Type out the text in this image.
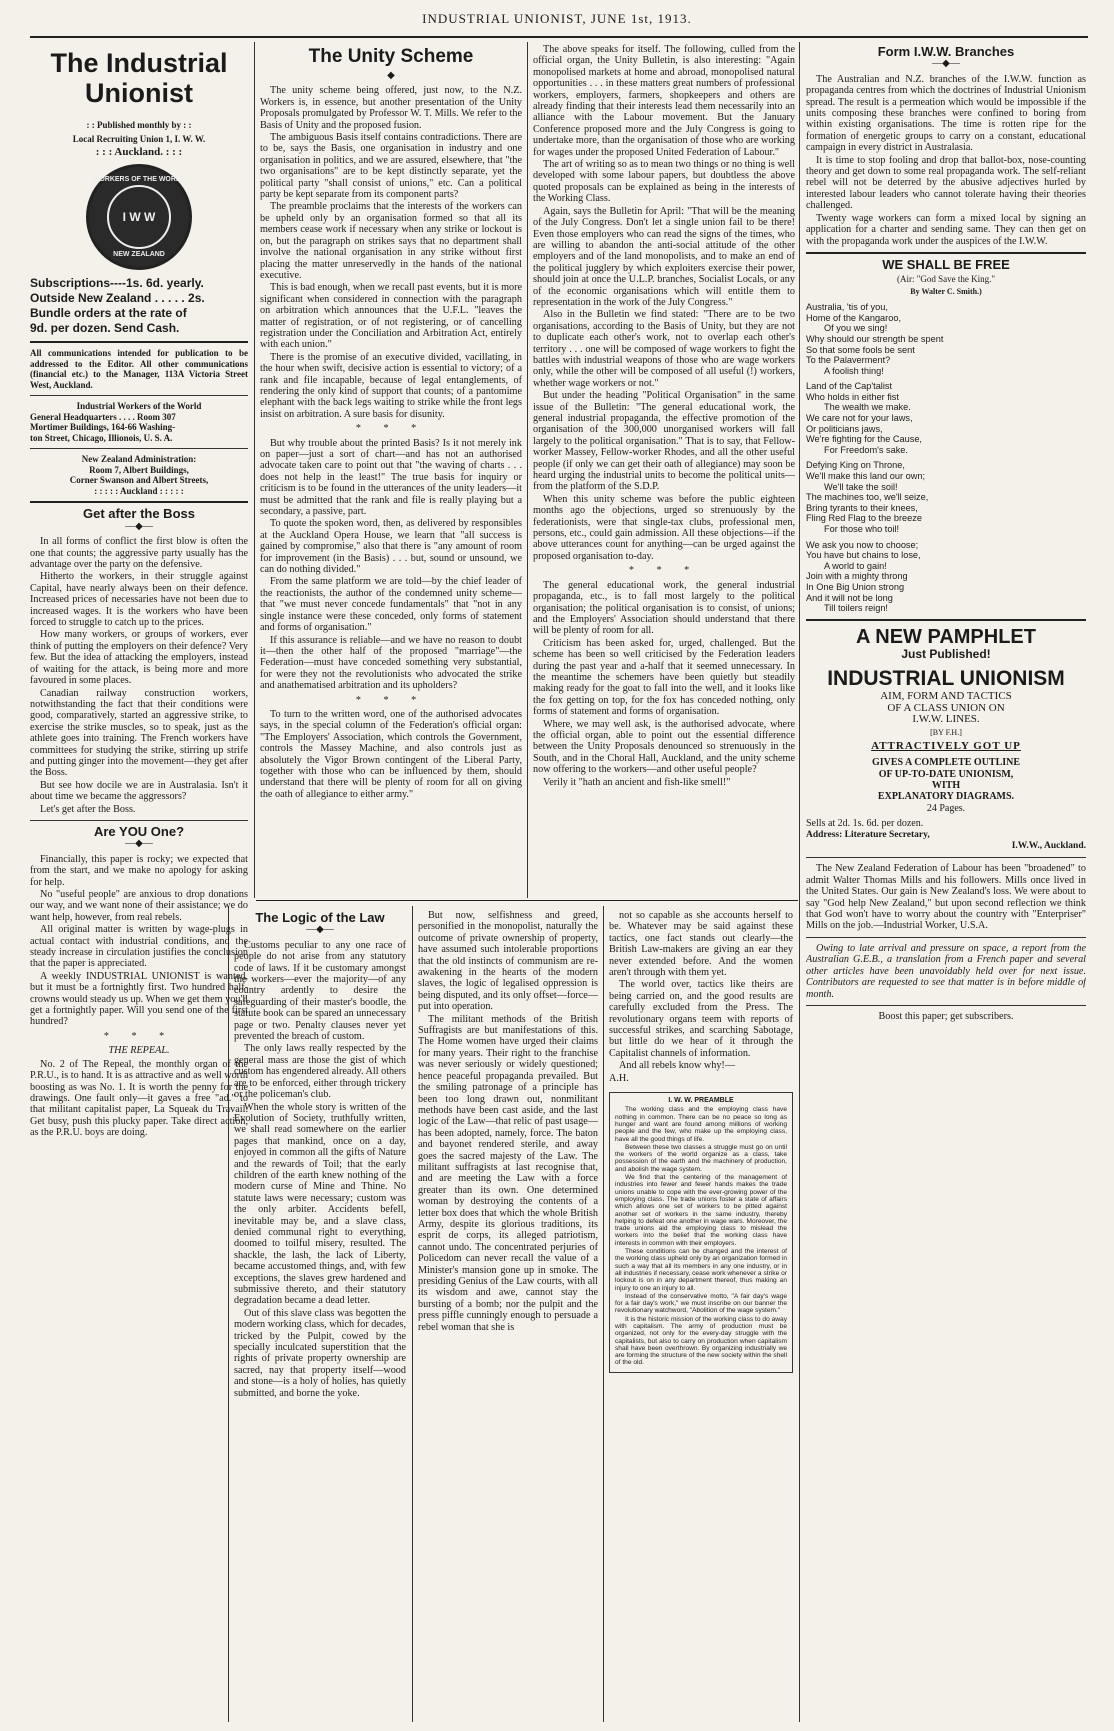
$_{INDUSTRIAL UNIONIST, JUNE 1st, 1913.}$
The Industrial Unionist
: : Published monthly by : :
Local Recruiting Union 1, I. W. W.
: : : Auckland. : : :
WORKERS OF THE WORLD
I W W
NEW ZEALAND
Subscriptions----1s. 6d. yearly.
Outside New Zealand . . . . . 2s.
Bundle orders at the rate of
9d. per dozen. Send Cash.
All communications intended for publication to be addressed to the Editor. All other communications (financial etc.) to the Manager, 113A Victoria Street West, Auckland.
Industrial Workers of the World
General Headquarters . . . . Room 307
Mortimer Buildings, 164-66 Washing-
ton Street, Chicago, Illionois, U. S. A.
New Zealand Administration:
Room 7, Albert Buildings,
Corner Swanson and Albert Streets,
: : : : : Auckland : : : : :
Get after the Boss
—◆—

In all forms of conflict the first blow is often the one that counts; the aggressive party usually has the advantage over the party on the defensive.

Hitherto the workers, in their struggle against Capital, have nearly always been on their defence. Increased prices of necessaries have not been due to increased wages. It is the workers who have been forced to struggle to catch up to the prices.

How many workers, or groups of workers, ever think of putting the employers on their defence? Very few. But the idea of attacking the employers, instead of waiting for the attack, is being more and more favoured in some places.

Canadian railway construction workers, notwithstanding the fact that their conditions were good, comparatively, started an aggressive strike, to exercise the strike muscles, so to speak, just as the athlete goes into training. The French workers have committees for studying the strike, stirring up strife and putting ginger into the movement—they get after the Boss.

But see how docile we are in Australasia. Isn't it about time we became the aggressors?

Let's get after the Boss.

Are YOU One?
—◆—

Financially, this paper is rocky; we expected that from the start, and we make no apology for asking for help.

No "useful people" are anxious to drop donations our way, and we want none of their assistance; we do want help, however, from real rebels.

All original matter is written by wage-plugs in actual contact with industrial conditions, and the steady increase in circulation justifies the conclusion that the paper is appreciated.

A weekly INDUSTRIAL UNIONIST is wanted, but it must be a fortnightly first. Two hundred half-crowns would steady us up. When we get them you'll get a fortnightly paper. Will you send one of the first hundred?

* * *
THE REPEAL.

No. 2 of The Repeal, the monthly organ of the P.R.U., is to hand. It is as attractive and as well worth boosting as was No. 1. It is worth the penny for the drawings. One fault only—it gaves a free "ad." to that militant capitalist paper, La Squeak du Travail. Get busy, push this plucky paper. Take direct action, as the P.R.U. boys are doing.

The Unity Scheme
◆

The unity scheme being offered, just now, to the N.Z. Workers is, in essence, but another presentation of the Unity Proposals promulgated by Professor W. T. Mills. We refer to the Basis of Unity and the proposed fusion.

The ambiguous Basis itself contains contradictions. There are to be, says the Basis, one organisation in industry and one organisation in politics, and we are assured, elsewhere, that "the two organisations" are to be kept distinctly separate, yet the political party "shall consist of unions," etc. Can a political party be kept separate from its component parts?

The preamble proclaims that the interests of the workers can be upheld only by an organisation formed so that all its members cease work if necessary when any strike or lockout is on, but the paragraph on strikes says that no department shall involve the national organisation in any strike without first placing the matter unreservedly in the hands of the national executive.

This is bad enough, when we recall past events, but it is more significant when considered in connection with the paragraph on arbitration which announces that the U.F.L. "leaves the matter of registration, or of not registering, or of cancelling registration under the Conciliation and Arbitration Act, entirely with each union."

There is the promise of an executive divided, vacillating, in the hour when swift, decisive action is essential to victory; of a rank and file incapable, because of legal entanglements, of rendering the only kind of support that counts; of a pantomime elephant with the back legs waiting to strike while the front legs insist on arbitration. A sure basis for disunity.

* * *

But why trouble about the printed Basis? Is it not merely ink on paper—just a sort of chart—and has not an authorised advocate taken care to point out that "the waving of charts . . . does not help in the least!" The true basis for inquiry or criticism is to be found in the utterances of the unity leaders—it must be admitted that the rank and file is really playing but a secondary, a passive, part.

To quote the spoken word, then, as delivered by responsibles at the Auckland Opera House, we learn that "all success is gained by compromise," also that there is "any amount of room for improvement (in the Basis) . . . but, sound or unsound, we can do nothing divided."

From the same platform we are told—by the chief leader of the reactionists, the author of the condemned unity scheme—that "we must never concede fundamentals" that "not in any single instance were these conceded, only forms of statement and forms of organisation."

If this assurance is reliable—and we have no reason to doubt it—then the other half of the proposed "marriage"—the Federation—must have conceded something very substantial, for were they not the revolutionists who advocated the strike and anathematised arbitration and its upholders?

* * *

To turn to the written word, one of the authorised advocates says, in the special column of the Federation's official organ: "The Employers' Association, which controls the Government, controls the Massey Machine, and also controls just as absolutely the Vigor Brown contingent of the Liberal Party, together with those who can be influenced by them, should understand that there will be plenty of room for all on giving the oath of allegiance to either army."

The above speaks for itself. The following, culled from the official organ, the Unity Bulletin, is also interesting: "Again monopolised markets at home and abroad, monopolised natural opportunities . . . in these matters great numbers of professional workers, employers, farmers, shopkeepers and others are already finding that their interests lead them necessarily into an alliance with the Labour movement. But the January Conference proposed more and the July Congress is going to undertake more, than the organisation of those who are working for wages under the proposed United Federation of Labour."

The art of writing so as to mean two things or no thing is well developed with some labour papers, but doubtless the above quoted proposals can be explained as being in the interests of the Working Class.

Again, says the Bulletin for April: "That will be the meaning of the July Congress. Don't let a single union fail to be there! Even those employers who can read the signs of the times, who are willing to abandon the anti-social attitude of the other employers and of the land monopolists, and to make an end of the political jugglery by which exploiters exercise their power, should join at once the U.L.P. branches, Socialist Locals, or any of the economic organisations which will entitle them to representation in the work of the July Congress."

Also in the Bulletin we find stated: "There are to be two organisations, according to the Basis of Unity, but they are not to duplicate each other's work, not to overlap each other's territory . . . one will be composed of wage workers to fight the battles with industrial weapons of those who are wage workers only, while the other will be composed of all useful (!) workers, whether wage workers or not."

But under the heading "Political Organisation" in the same issue of the Bulletin: "The general educational work, the general industrial propaganda, the effective promotion of the organisation of the 300,000 unorganised workers will fall largely to the political organisation." That is to say, that Fellow-worker Massey, Fellow-worker Rhodes, and all the other useful people (if only we can get their oath of allegiance) may soon be heard urging the industrial units to become the political units—from the platform of the S.D.P.

When this unity scheme was before the public eighteen months ago the objections, urged so strenuously by the federationists, were that single-tax clubs, professional men, persons, etc., could gain admission. All these objections—if the above utterances count for anything—can be urged against the proposed organisation to-day.

* * *

The general educational work, the general industrial propaganda, etc., is to fall most largely to the political organisation; the political organisation is to consist, of unions; and the Employers' Association should understand that there will be plenty of room for all.

Criticism has been asked for, urged, challenged. But the scheme has been so well criticised by the Federation leaders during the past year and a-half that it seemed unnecessary. In the meantime the schemers have been quietly but steadily making ready for the goat to fall into the well, and it looks like the fox getting on top, for the fox has conceded nothing, only forms of statement and forms of organisation.

Where, we may well ask, is the authorised advocate, where the official organ, able to point out the essential difference between the Unity Proposals denounced so strenuously in the South, and in the Choral Hall, Auckland, and the unity scheme now offering to the workers—and other useful people?

Verily it "hath an ancient and fish-like smell!"

Form I.W.W. Branches
—◆—

The Australian and N.Z. branches of the I.W.W. function as propaganda centres from which the doctrines of Industrial Unionism spread. The result is a permeation which would be impossible if the units composing these branches were confined to boring from within existing organisations. The time is rotten ripe for the formation of energetic groups to carry on a constant, educational campaign in every district in Australasia.

It is time to stop fooling and drop that ballot-box, nose-counting theory and get down to some real propaganda work. The self-reliant rebel will not be deterred by the abusive adjectives hurled by interested labour leaders who cannot tolerate having their theories challenged.

Twenty wage workers can form a mixed local by signing an application for a charter and sending same. They can then get on with the propaganda work under the auspices of the I.W.W.

WE SHALL BE FREE
(Air: "God Save the King."
By Walter C. Smith.)
Australia, 'tis of you,
Home of the Kangaroo,
Of you we sing!
Why should our strength be spent
So that some fools be sent
To the Palaverment?
A foolish thing!
Land of the Cap'talist
Who holds in either fist
The wealth we make.
We care not for your laws,
Or politicians jaws,
We're fighting for the Cause,
For Freedom's sake.
Defying King on Throne,
We'll make this land our own;
We'll take the soil!
The machines too, we'll seize,
Bring tyrants to their knees,
Fling Red Flag to the breeze
For those who toil!
We ask you now to choose;
You have but chains to lose,
A world to gain!
Join with a mighty throng
In One Big Union strong
And it will not be long
Till toilers reign!
A NEW PAMPHLET
Just Published!
INDUSTRIAL UNIONISM
AIM, FORM AND TACTICS
OF A CLASS UNION ON
I.W.W. LINES.
[BY F.H.]
ATTRACTIVELY GOT UP
GIVES A COMPLETE OUTLINE
OF UP-TO-DATE UNIONISM,
WITH
EXPLANATORY DIAGRAMS.
24 Pages.
Sells at 2d. 1s. 6d. per dozen.
Address: Literature Secretary,
I.W.W., Auckland.

The New Zealand Federation of Labour has been "broadened" to admit Walter Thomas Mills and his followers. Mills once lived in the United States. Our gain is New Zealand's loss. We were about to say "God help New Zealand," but upon second reflection we think that God won't have to worry about the country with "Enterpriser" Mills on the job.—Industrial Worker, U.S.A.

Owing to late arrival and pressure on space, a report from the Australian G.E.B., a translation from a French paper and several other articles have been unavoidably held over for next issue. Contributors are requested to see that matter is in before middle of month.

Boost this paper; get subscribers.
The Logic of the Law
—◆—

Customs peculiar to any one race of people do not arise from any statutory code of laws. If it be customary amongst the workers—ever the majority—of any country ardently to desire the safeguarding of their master's boodle, the statute book can be spared an unnecessary page or two. Penalty clauses never yet prevented the breach of custom.

The only laws really respected by the general mass are those the gist of which custom has engendered already. All others are to be enforced, either through trickery or the policeman's club.

When the whole story is written of the Evolution of Society, truthfully written, we shall read somewhere on the earlier pages that mankind, once on a day, enjoyed in common all the gifts of Nature and the rewards of Toil; that the early children of the earth knew nothing of the modern curse of Mine and Thine. No statute laws were necessary; custom was the only arbiter. Accidents befell, inevitable may be, and a slave class, denied communal right to everything, doomed to toilful misery, resulted. The shackle, the lash, the lack of Liberty, became accustomed things, and, with few exceptions, the slaves grew hardened and submissive thereto, and their statutory degradation became a dead letter.

Out of this slave class was begotten the modern working class, which for decades, tricked by the Pulpit, cowed by the specially inculcated superstition that the rights of private property ownership are sacred, nay that property itself—wood and stone—is a holy of holies, has quietly submitted, and borne the yoke.

But now, selfishness and greed, personified in the monopolist, naturally the outcome of private ownership of property, have assumed such intolerable proportions that the old instincts of communism are re-awakening in the hearts of the modern slaves, the logic of legalised oppression is being disputed, and its only offset—force—put into operation.

The militant methods of the British Suffragists are but manifestations of this. The Home women have urged their claims for many years. Their right to the franchise was never seriously or widely questioned; hence peaceful propaganda prevailed. But the smiling patronage of a principle has been too long drawn out, nonmilitant methods have been cast aside, and the last logic of the Law—that relic of past usage—has been adopted, namely, force. The baton and bayonet rendered sterile, and away goes the sacred majesty of the Law. The militant suffragists at last recognise that, and are meeting the Law with a force greater than its own. One determined woman by destroying the contents of a letter box does that which the whole British Army, despite its glorious traditions, its esprit de corps, its alleged patriotism, cannot undo. The concentrated perjuries of Policedom can never recall the value of a Minister's mansion gone up in smoke. The presiding Genius of the Law courts, with all its wisdom and awe, cannot stay the bursting of a bomb; nor the pulpit and the press piffle cunningly enough to persuade a rebel woman that she is

not so capable as she accounts herself to be. Whatever may be said against these tactics, one fact stands out clearly—the British Law-makers are giving an ear they never extended before. And the women aren't through with them yet.

The world over, tactics like theirs are being carried on, and the good results are carefully excluded from the Press. The revolutionary organs teem with reports of successful strikes, and scarching Sabotage, but little do we hear of it through the Capitalist channels of information.

And all rebels know why!—

A.H.
I. W. W. PREAMBLE

The working class and the employing class have nothing in common. There can be no peace so long as hunger and want are found among millions of working people and the few, who make up the employing class, have all the good things of life.

Between these two classes a struggle must go on until the workers of the world organize as a class, take possession of the earth and the machinery of production, and abolish the wage system.

We find that the centering of the management of industries into fewer and fewer hands makes the trade unions unable to cope with the ever-growing power of the employing class. The trade unions foster a state of affairs which allows one set of workers to be pitted against another set of workers in the same industry, thereby helping to defeat one another in wage wars. Moreover, the trade unions aid the employing class to mislead the workers into the belief that the working class have interests in common with their employers.

These conditions can be changed and the interest of the working class upheld only by an organization formed in such a way that all its members in any one industry, or in all industries if necessary, cease work whenever a strike or lockout is on in any department thereof, thus making an injury to one an injury to all.

Instead of the conservative motto, "A fair day's wage for a fair day's work," we must inscribe on our banner the revolutionary watchword, "Abolition of the wage system."

It is the historic mission of the working class to do away with capitalism. The army of production must be organized, not only for the every-day struggle with the capitalists, but also to carry on production when capitalism shall have been overthrown. By organizing industrially we are forming the structure of the new society within the shell of the old.
